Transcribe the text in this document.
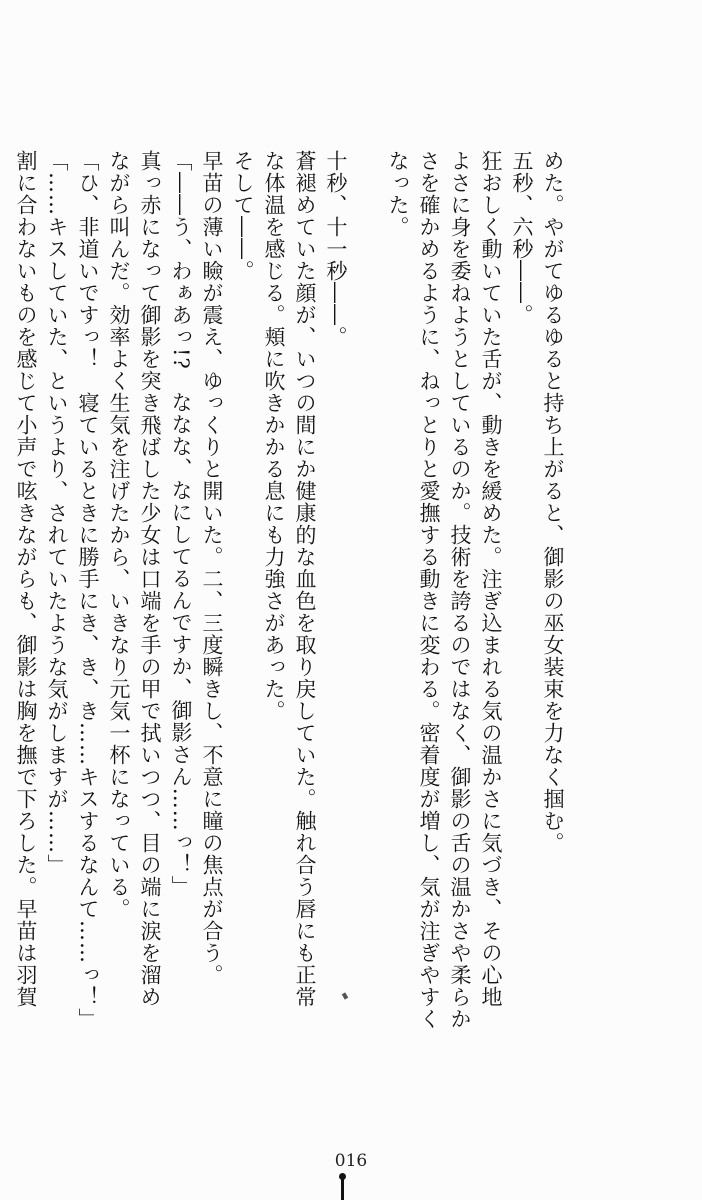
めた。やがてゆるゆると持ち上がると、御影の巫女装束を力なく掴む。
五秒、六秒――。
狂おしく動いていた舌が、動きを緩めた。注ぎ込まれる気の温かさに気づき、その心地
よさに身を委ねようとしているのか。技術を誇るのではなく、御影の舌の温かさや柔らか
さを確かめるように、ねっとりと愛撫する動きに変わる。密着度が増し、気が注ぎやすく
なった。

十秒、十一秒――。
蒼褪めていた顔が、いつの間にか健康的な血色を取り戻していた。触れ合う唇にも正常
な体温を感じる。頬に吹きかかる息にも力強さがあった。
そして――。
早苗の薄い瞼が震え、ゆっくりと開いた。二、三度瞬きし、不意に瞳の焦点が合う。
「――う、わぁあっ!?　ななな、なにしてるんですか、御影さん……っ！」
真っ赤になって御影を突き飛ばした少女は口端を手の甲で拭いつつ、目の端に涙を溜め
ながら叫んだ。効率よく生気を注げたから、いきなり元気一杯になっている。
「ひ、非道いですっ！　寝ているときに勝手にき、き、き……キスするなんて……っ！」
「……キスしていた、というより、されていたような気がしますが……」
割に合わないものを感じて小声で呟きながらも、御影は胸を撫で下ろした。早苗は羽賀
016
